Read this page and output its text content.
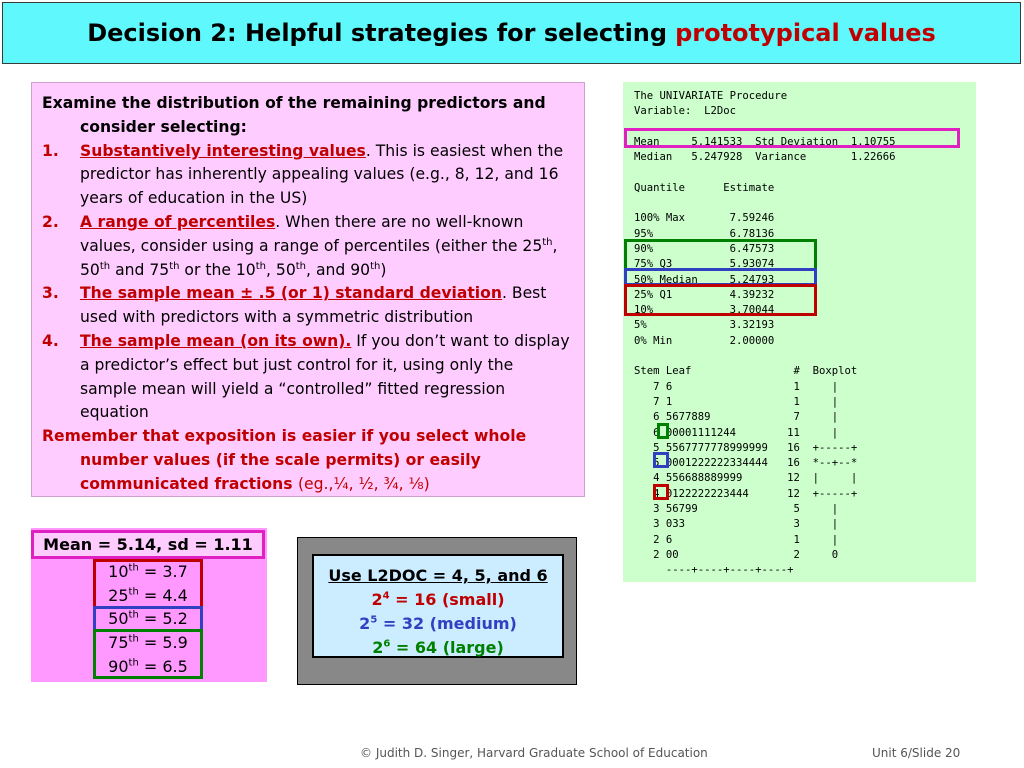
Decision 2: Helpful strategies for selecting prototypical values
Examine the distribution of the remaining predictors and consider selecting:
1.	Substantively interesting values. This is easiest when the predictor has inherently appealing values (e.g., 8, 12, and 16 years of education in the US)
2.	A range of percentiles. When there are no well-known values, consider using a range of percentiles (either the 25th, 50th and 75th or the 10th, 50th, and 90th)
3.	The sample mean ± .5 (or 1) standard deviation. Best used with predictors with a symmetric distribution
4.	The sample mean (on its own). If you don’t want to display a predictor’s effect but just control for it, using only the sample mean will yield a “controlled” fitted regression equation
Remember that exposition is easier if you select whole number values (if the scale permits) or easily communicated fractions (eg.,¼, ½, ¾, ⅛)
The UNIVARIATE Procedure
Variable:  L2Doc

Mean     5.141533  Std Deviation  1.10755
Median   5.247928  Variance       1.22666

Quantile      Estimate

100% Max       7.59246
95%            6.78136
90%            6.47573
75% Q3         5.93074
50% Median     5.24793
25% Q1         4.39232
10%            3.70044
5%             3.32193
0% Min         2.00000

Stem Leaf                #  Boxplot
7 6                   1     |
7 1                   1     |
6 5677889             7     |
6 00001111244        11     |
5 5567777778999999   16  +-----+
5 0001222222334444   16  *--+--*
4 556688889999       12  |     |
4 0122222223444      12  +-----+
3 56799               5     |
3 033                 3     |
2 6                   1     |
2 00                  2     0
----+----+----+----+
Mean = 5.14, sd = 1.11
10th = 3.7
25th = 4.4
50th = 5.2
75th = 5.9
90th = 6.5
Use L2DOC = 4, 5, and 6
$2^4 = 16$ (small)
$2^5 = 32$ (medium)
$2^6 = 64$ (large)
© Judith D. Singer, Harvard Graduate School of Education	Unit 6/Slide 20
